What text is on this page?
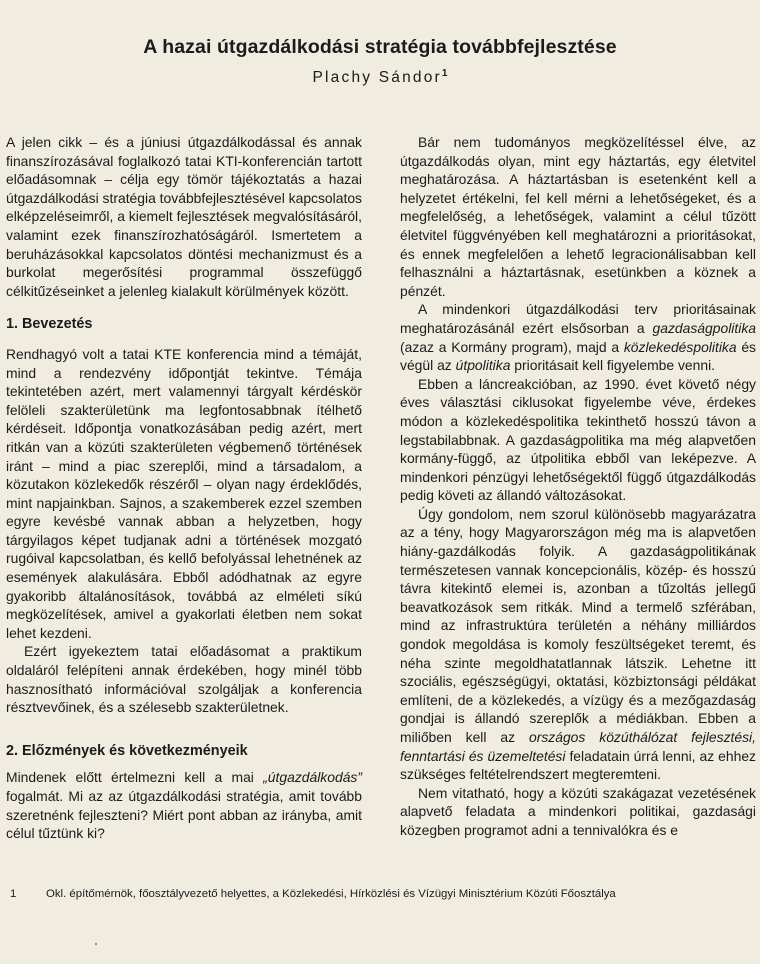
A hazai útgazdálkodási stratégia továbbfejlesztése
Plachy Sándor$^1$

A jelen cikk – és a júniusi útgazdálkodással és annak finanszírozásával foglalkozó tatai KTI-konferencián tartott előadásomnak – célja egy tömör tájékoztatás a hazai útgazdálkodási stratégia továbbfejlesztésével kapcsolatos elképzeléseimről, a kiemelt fejlesztések megvalósításáról, valamint ezek finanszírozhatóságáról. Ismertetem a beruházásokkal kapcsolatos döntési mechanizmust és a burkolat megerősítési programmal összefüggő célkitűzéseinket a jelenleg kialakult körülmények között.

1. Bevezetés

Rendhagyó volt a tatai KTE konferencia mind a témáját, mind a rendezvény időpontját tekintve. Témája tekintetében azért, mert valamennyi tárgyalt kérdéskör felöleli szakterületünk ma legfontosabbnak ítélhető kérdéseit. Időpontja vonatkozásában pedig azért, mert ritkán van a közúti szakterületen végbemenő történések iránt – mind a piac szereplői, mind a társadalom, a közutakon közlekedők részéről – olyan nagy érdeklődés, mint napjainkban. Sajnos, a szakemberek ezzel szemben egyre kevésbé vannak abban a helyzetben, hogy tárgyilagos képet tudjanak adni a történések mozgató rugóival kapcsolatban, és kellő befolyással lehetnének az események alakulására. Ebből adódhatnak az egyre gyakoribb általánosítások, továbbá az elméleti síkú megközelítések, amivel a gyakorlati életben nem sokat lehet kezdeni.

Ezért igyekeztem tatai előadásomat a praktikum oldaláról felépíteni annak érdekében, hogy minél több hasznosítható információval szolgáljak a konferencia résztvevőinek, és a szélesebb szakterületnek.

2. Előzmények és következményeik

Mindenek előtt értelmezni kell a mai „útgazdálkodás” fogalmát. Mi az az útgazdálkodási stratégia, amit tovább szeretnénk fejleszteni? Miért pont abban az irányba, amit célul tűztünk ki?

Bár nem tudományos megközelítéssel élve, az útgazdálkodás olyan, mint egy háztartás, egy életvitel meghatározása. A háztartásban is esetenként kell a helyzetet értékelni, fel kell mérni a lehetőségeket, és a megfelelőség, a lehetőségek, valamint a célul tűzött életvitel függvényében kell meghatározni a prioritásokat, és ennek megfelelően a lehető legracionálisabban kell felhasználni a háztartásnak, esetünkben a köznek a pénzét.

A mindenkori útgazdálkodási terv prioritásainak meghatározásánál ezért elsősorban a gazdaságpolitika (azaz a Kormány program), majd a közlekedéspolitika és végül az útpolitika prioritásait kell figyelembe venni.

Ebben a láncreakcióban, az 1990. évet követő négy éves választási ciklusokat figyelembe véve, érdekes módon a közlekedéspolitika tekinthető hosszú távon a legstabilabbnak. A gazdaságpolitika ma még alapvetően kormány-függő, az útpolitika ebből van leképezve. A mindenkori pénzügyi lehetőségektől függő útgazdálkodás pedig követi az állandó változásokat.

Úgy gondolom, nem szorul különösebb magyarázatra az a tény, hogy Magyarországon még ma is alapvetően hiány-gazdálkodás folyik. A gazdaságpolitikának természetesen vannak koncepcionális, közép- és hosszú távra kitekintő elemei is, azonban a tűzoltás jellegű beavatkozások sem ritkák. Mind a termelő szférában, mind az infrastruktúra területén a néhány milliárdos gondok megoldása is komoly feszültségeket teremt, és néha szinte megoldhatatlannak látszik. Lehetne itt szociális, egészségügyi, oktatási, közbiztonsági példákat említeni, de a közlekedés, a vízügy és a mezőgazdaság gondjai is állandó szereplők a médiákban. Ebben a miliőben kell az országos közúthálózat fejlesztési, fenntartási és üzemeltetési feladatain úrrá lenni, az ehhez szükséges feltételrendszert megteremteni.

Nem vitatható, hogy a közúti szakágazat vezetésének alapvető feladata a mindenkori politikai, gazdasági közegben programot adni a tennivalókra és e

1	Okl. építőmérnök, főosztályvezető helyettes, a Közlekedési, Hírközlési és Vízügyi Minisztérium Közúti Főosztálya
